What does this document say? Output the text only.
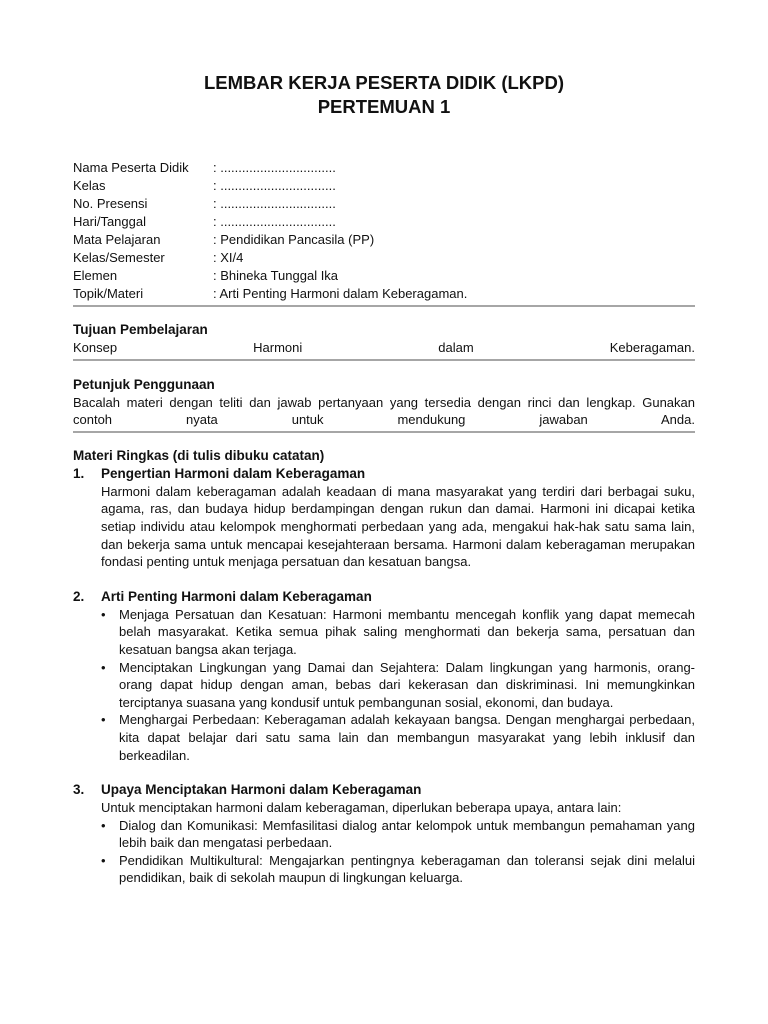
LEMBAR KERJA PESERTA DIDIK (LKPD)
PERTEMUAN 1
Nama Peserta Didik	: ................................
Kelas	: ................................
No. Presensi	: ................................
Hari/Tanggal	: ................................
Mata Pelajaran	: Pendidikan Pancasila (PP)
Kelas/Semester	: XI/4
Elemen	: Bhineka Tunggal Ika
Topik/Materi	: Arti Penting Harmoni dalam Keberagaman.
Tujuan Pembelajaran
Konsep Harmoni dalam Keberagaman.
Petunjuk Penggunaan
Bacalah materi dengan teliti dan jawab pertanyaan yang tersedia dengan rinci dan lengkap. Gunakan contoh nyata untuk mendukung jawaban Anda.
Materi Ringkas (di tulis dibuku catatan)
1.	Pengertian Harmoni dalam Keberagaman
Harmoni dalam keberagaman adalah keadaan di mana masyarakat yang terdiri dari berbagai suku, agama, ras, dan budaya hidup berdampingan dengan rukun dan damai. Harmoni ini dicapai ketika setiap individu atau kelompok menghormati perbedaan yang ada, mengakui hak-hak satu sama lain, dan bekerja sama untuk mencapai kesejahteraan bersama. Harmoni dalam keberagaman merupakan fondasi penting untuk menjaga persatuan dan kesatuan bangsa.
2.	Arti Penting Harmoni dalam Keberagaman
• Menjaga Persatuan dan Kesatuan: Harmoni membantu mencegah konflik yang dapat memecah belah masyarakat. Ketika semua pihak saling menghormati dan bekerja sama, persatuan dan kesatuan bangsa akan terjaga.
• Menciptakan Lingkungan yang Damai dan Sejahtera: Dalam lingkungan yang harmonis, orang-orang dapat hidup dengan aman, bebas dari kekerasan dan diskriminasi. Ini memungkinkan terciptanya suasana yang kondusif untuk pembangunan sosial, ekonomi, dan budaya.
• Menghargai Perbedaan: Keberagaman adalah kekayaan bangsa. Dengan menghargai perbedaan, kita dapat belajar dari satu sama lain dan membangun masyarakat yang lebih inklusif dan berkeadilan.
3.	Upaya Menciptakan Harmoni dalam Keberagaman
Untuk menciptakan harmoni dalam keberagaman, diperlukan beberapa upaya, antara lain:
• Dialog dan Komunikasi: Memfasilitasi dialog antar kelompok untuk membangun pemahaman yang lebih baik dan mengatasi perbedaan.
• Pendidikan Multikultural: Mengajarkan pentingnya keberagaman dan toleransi sejak dini melalui pendidikan, baik di sekolah maupun di lingkungan keluarga.
